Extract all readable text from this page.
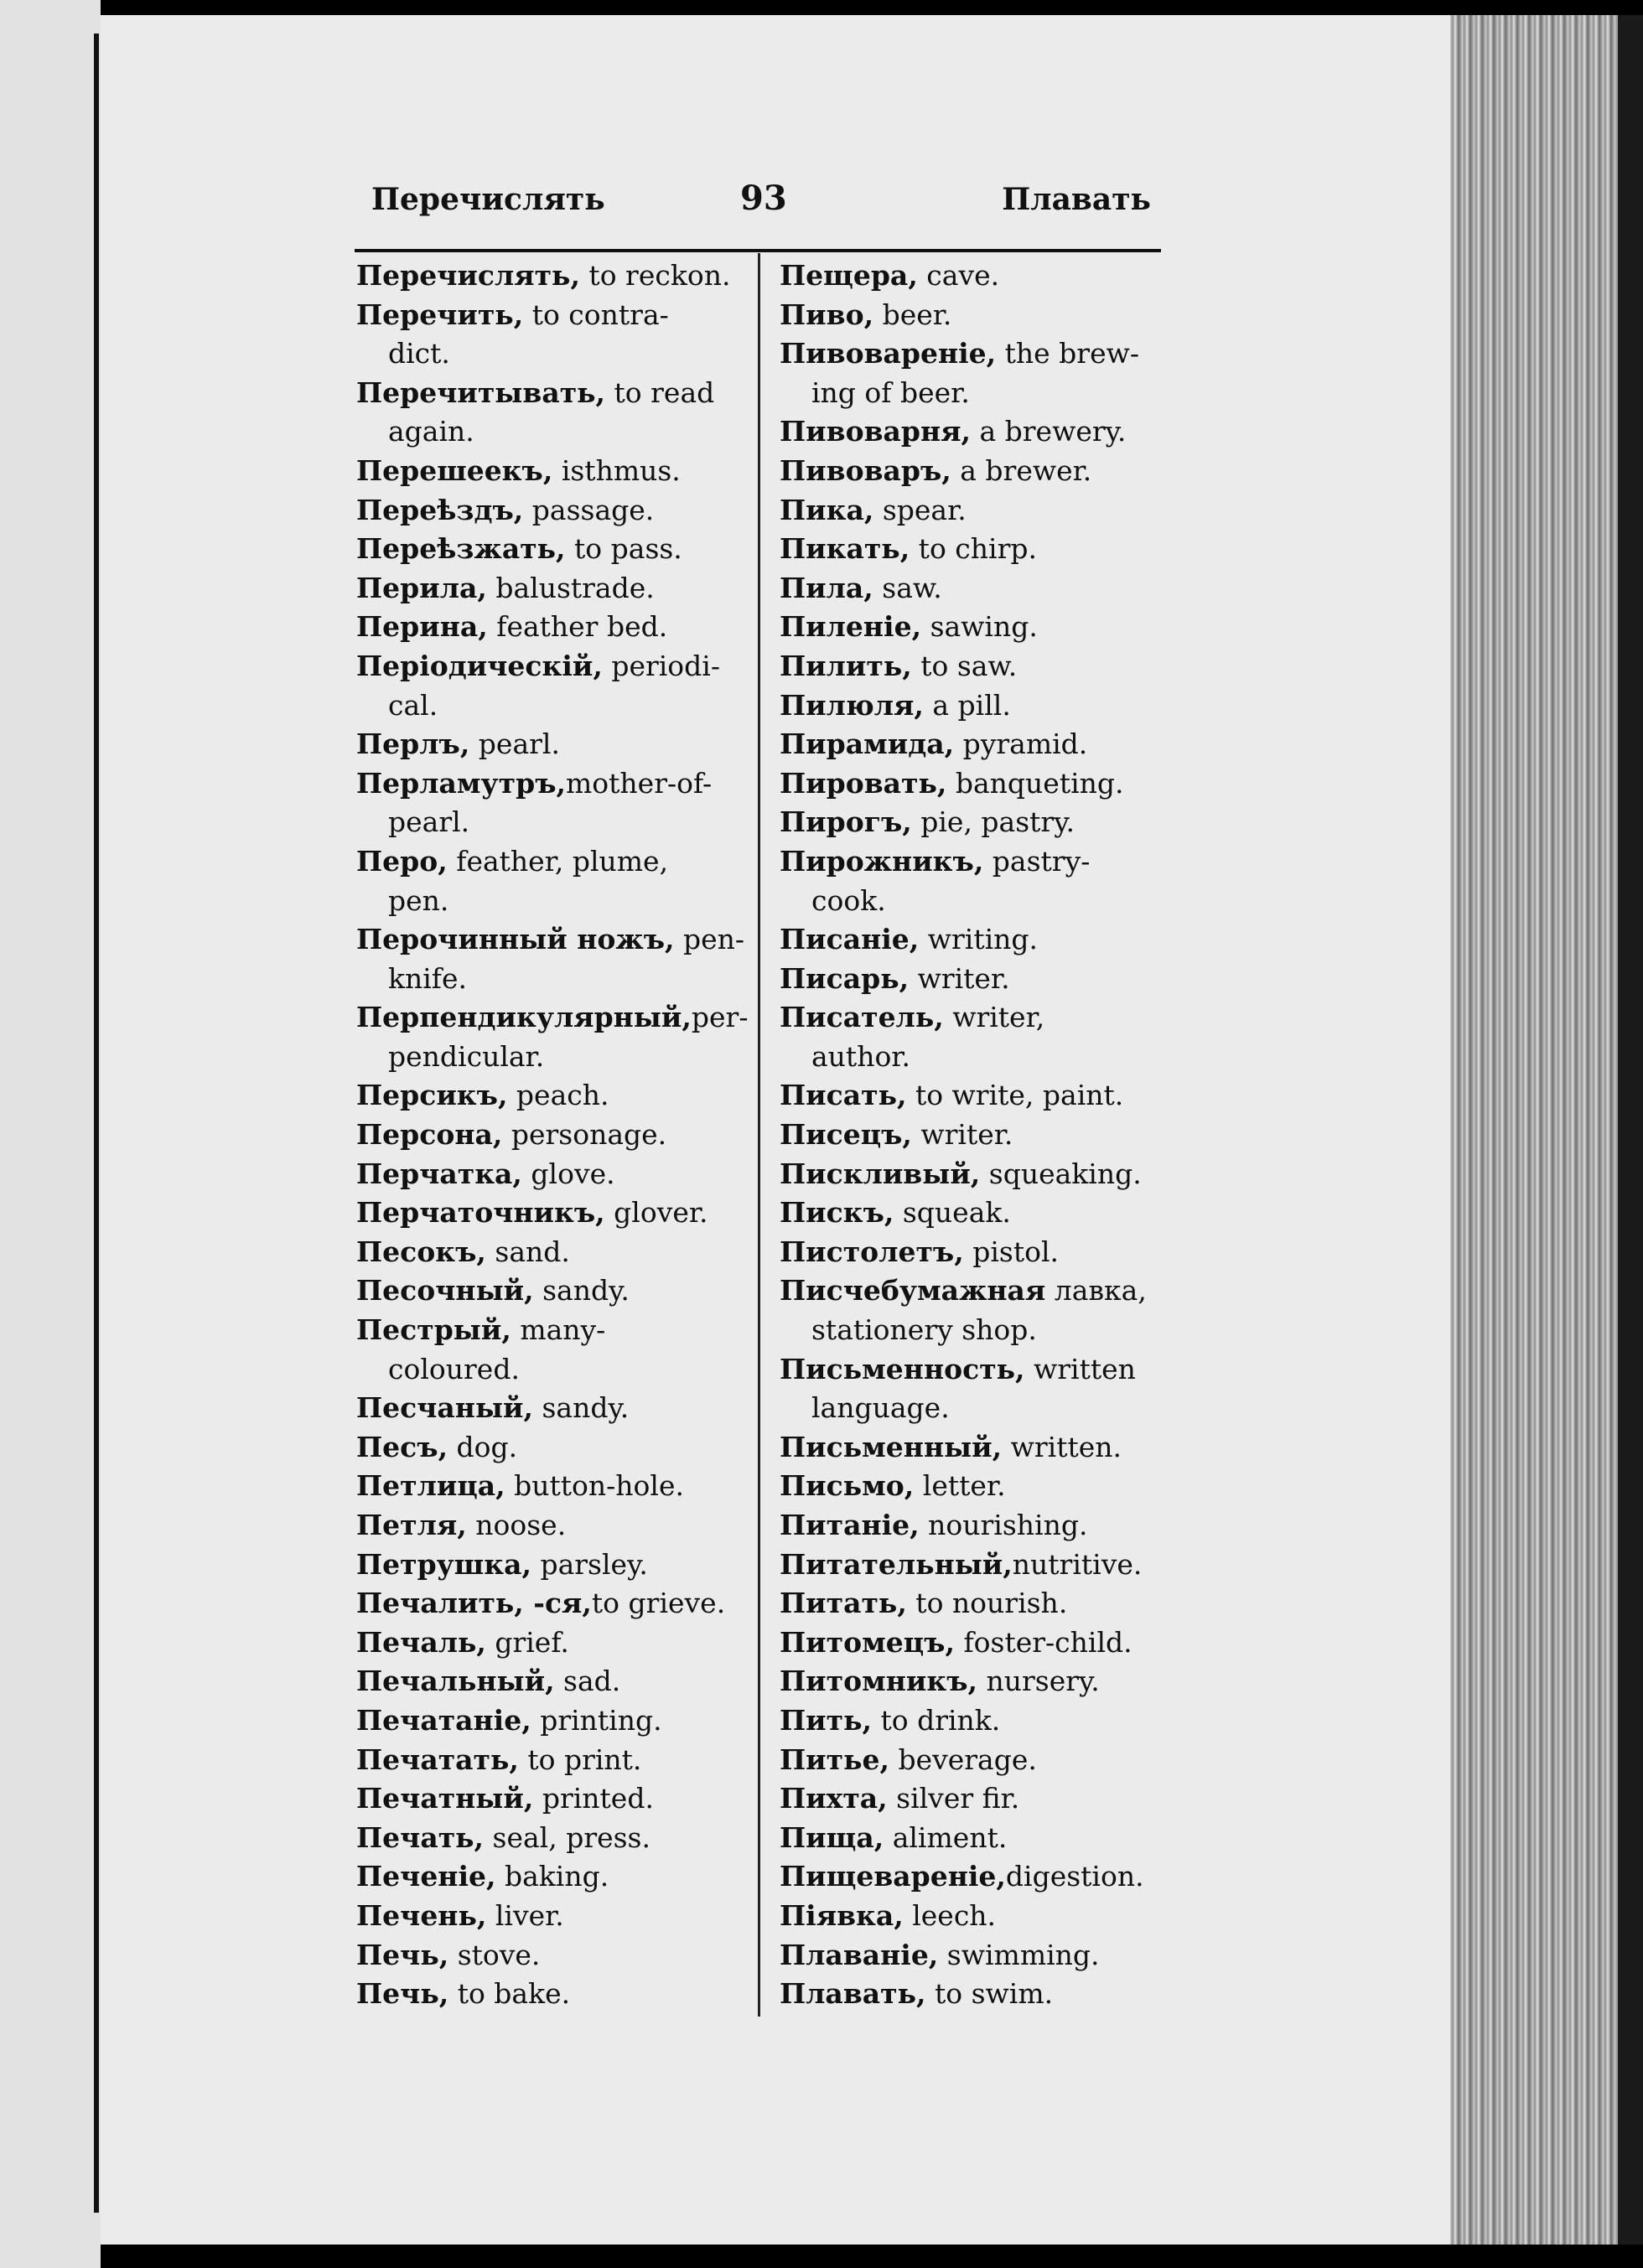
Перечислять	93	Плавать
Перечислять, to reckon.
Перечить, to contra-
dict.
Перечитывать, to read
again.
Перешеекъ, isthmus.
Переѣздъ, passage.
Переѣзжать, to pass.
Перила, balustrade.
Перина, feather bed.
Періодическій, periodi-
cal.
Перлъ, pearl.
Перламутръ,mother-of-
pearl.
Перо, feather, plume,
pen.
Перочинный ножъ, pen-
knife.
Перпендикулярный,per-
pendicular.
Персикъ, peach.
Персона, personage.
Перчатка, glove.
Перчаточникъ, glover.
Песокъ, sand.
Песочный, sandy.
Пестрый, many-
coloured.
Песчаный, sandy.
Песъ, dog.
Петлица, button-hole.
Петля, noose.
Петрушка, parsley.
Печалить, -ся,to grieve.
Печаль, grief.
Печальный, sad.
Печатаніе, printing.
Печатать, to print.
Печатный, printed.
Печать, seal, press.
Печеніе, baking.
Печень, liver.
Печь, stove.
Печь, to bake.
Пещера, cave.
Пиво, beer.
Пивовареніе, the brew-
ing of beer.
Пивоварня, a brewery.
Пивоваръ, a brewer.
Пика, spear.
Пикать, to chirp.
Пила, saw.
Пиленіе, sawing.
Пилить, to saw.
Пилюля, a pill.
Пирамида, pyramid.
Пировать, banqueting.
Пирогъ, pie, pastry.
Пирожникъ, pastry-
cook.
Писаніе, writing.
Писарь, writer.
Писатель, writer,
author.
Писать, to write, paint.
Писецъ, writer.
Пискливый, squeaking.
Пискъ, squeak.
Пистолетъ, pistol.
Писчебумажная лавка,
stationery shop.
Письменность, written
language.
Письменный, written.
Письмо, letter.
Питаніе, nourishing.
Питательный,nutritive.
Питать, to nourish.
Питомецъ, foster-child.
Питомникъ, nursery.
Пить, to drink.
Питье, beverage.
Пихта, silver fir.
Пища, aliment.
Пищевареніе,digestion.
Піявка, leech.
Плаваніе, swimming.
Плавать, to swim.
